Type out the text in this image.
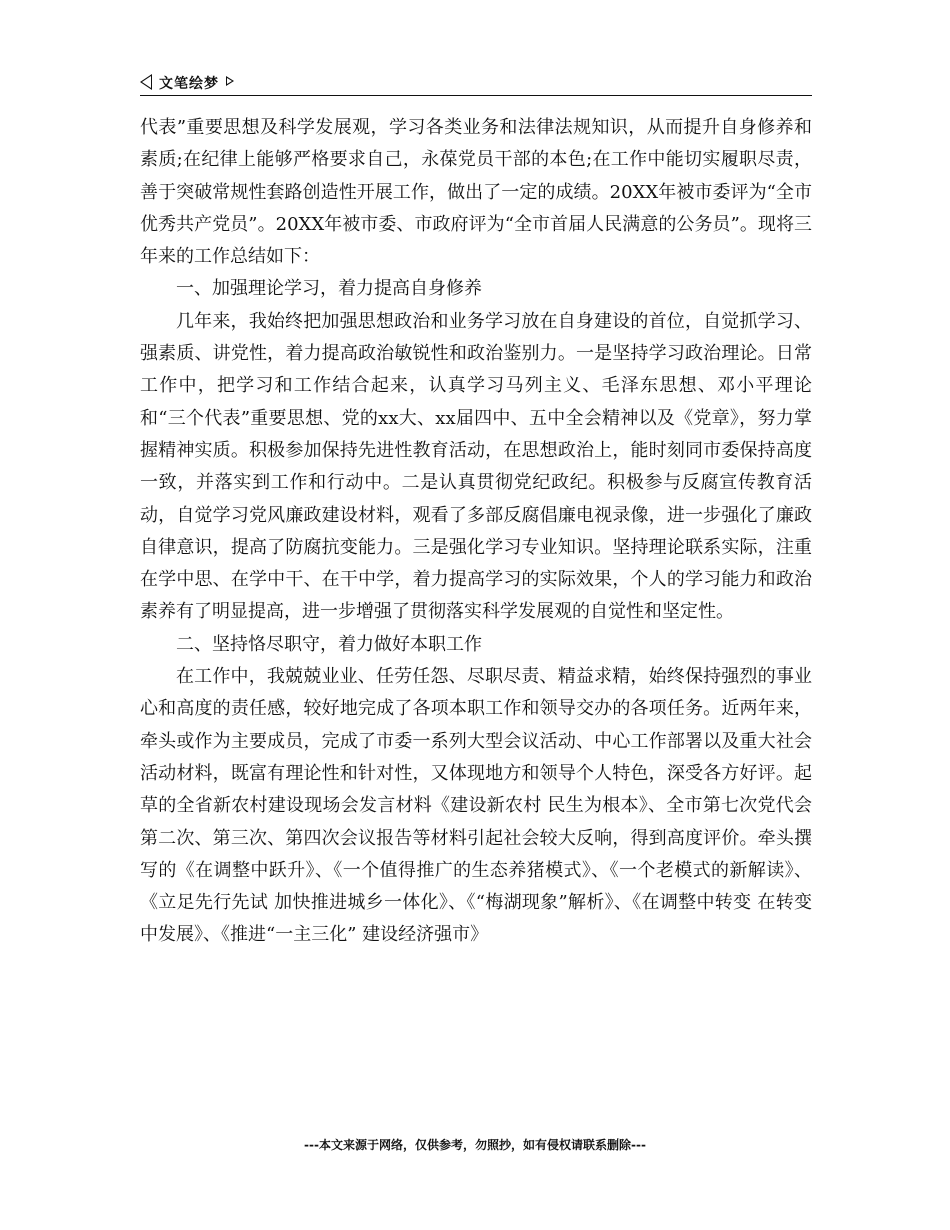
文笔绘梦

代表”重要思想及科学发展观，学习各类业务和法律法规知识，从而提升自身修养和素质;在纪律上能够严格要求自己，永葆党员干部的本色;在工作中能切实履职尽责，善于突破常规性套路创造性开展工作，做出了一定的成绩。20XX年被市委评为“全市优秀共产党员”。20XX年被市委、市政府评为“全市首届人民满意的公务员”。现将三年来的工作总结如下：

一、加强理论学习，着力提高自身修养

几年来，我始终把加强思想政治和业务学习放在自身建设的首位，自觉抓学习、强素质、讲党性，着力提高政治敏锐性和政治鉴别力。一是坚持学习政治理论。日常工作中，把学习和工作结合起来，认真学习马列主义、毛泽东思想、邓小平理论和“三个代表”重要思想、党的xx大、xx届四中、五中全会精神以及《党章》，努力掌握精神实质。积极参加保持先进性教育活动，在思想政治上，能时刻同市委保持高度一致，并落实到工作和行动中。二是认真贯彻党纪政纪。积极参与反腐宣传教育活动，自觉学习党风廉政建设材料，观看了多部反腐倡廉电视录像，进一步强化了廉政自律意识，提高了防腐抗变能力。三是强化学习专业知识。坚持理论联系实际，注重在学中思、在学中干、在干中学，着力提高学习的实际效果，个人的学习能力和政治素养有了明显提高，进一步增强了贯彻落实科学发展观的自觉性和坚定性。

二、坚持恪尽职守，着力做好本职工作

在工作中，我兢兢业业、任劳任怨、尽职尽责、精益求精，始终保持强烈的事业心和高度的责任感，较好地完成了各项本职工作和领导交办的各项任务。近两年来，牵头或作为主要成员，完成了市委一系列大型会议活动、中心工作部署以及重大社会活动材料，既富有理论性和针对性，又体现地方和领导个人特色，深受各方好评。起草的全省新农村建设现场会发言材料《建设新农村 民生为根本》、全市第七次党代会第二次、第三次、第四次会议报告等材料引起社会较大反响，得到高度评价。牵头撰写的《在调整中跃升》、《一个值得推广的生态养猪模式》、《一个老模式的新解读》、《立足先行先试 加快推进城乡一体化》、《“梅湖现象”解析》、《在调整中转变 在转变中发展》、《推进“一主三化” 建设经济强市》

---本文来源于网络，仅供参考，勿照抄，如有侵权请联系删除---
